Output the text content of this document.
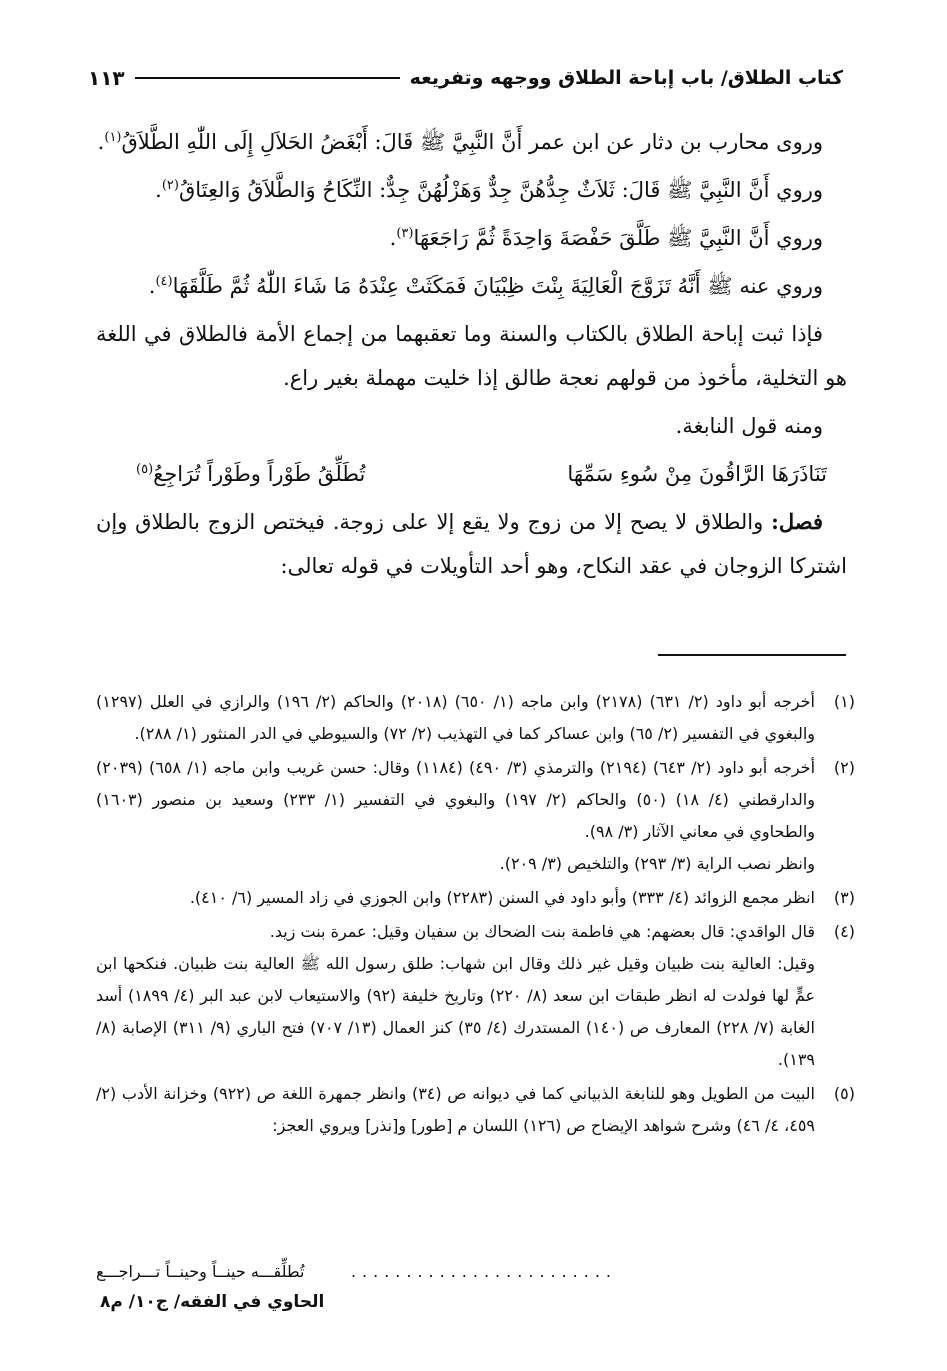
كتاب الطلاق/ باب إباحة الطلاق ووجهه وتفريعه
١١٣

وروى محارب بن دثار عن ابن عمر أَنَّ النَّبِيَّ ﷺ قَالَ: أَبْغَضُ الحَلاَلِ إِلَى اللّٰهِ الطَّلاَقُ$^{(١)}$.

وروي أَنَّ النَّبِيَّ ﷺ قَالَ: ثَلاَثٌ جِدُّهُنَّ جِدٌّ وَهَزْلُهُنَّ جِدٌّ: النِّكَاحُ وَالطَّلاَقُ وَالعِتَاقُ$^{(٢)}$.

وروي أَنَّ النَّبِيَّ ﷺ طَلَّقَ حَفْصَةَ وَاحِدَةً ثُمَّ رَاجَعَهَا$^{(٣)}$.

وروي عنه ﷺ أَنَّهُ تَزَوَّجَ الْعَالِيَةَ بِنْتَ ظِبْيَانَ فَمَكَثَتْ عِنْدَهُ مَا شَاءَ اللّٰهُ ثُمَّ طَلَّقَهَا$^{(٤)}$.

فإذا ثبت إباحة الطلاق بالكتاب والسنة وما تعقبهما من إجماع الأمة فالطلاق في اللغة هو التخلية، مأخوذ من قولهم نعجة طالق إذا خليت مهملة بغير راع.

ومنه قول النابغة.

تَنَاذَرَهَا الرَّاقُونَ مِنْ سُوءِ سَمِّهَا
تُطَلِّقُ طَوْراً وطَوْراً تُرَاجِعُ$^{(٥)}$

فصل: والطلاق لا يصح إلا من زوج ولا يقع إلا على زوجة. فيختص الزوج بالطلاق وإن اشتركا الزوجان في عقد النكاح، وهو أحد التأويلات في قوله تعالى:

(١)

أخرجه أبو داود (٢/ ٦٣١) (٢١٧٨) وابن ماجه (١/ ٦٥٠) (٢٠١٨) والحاكم (٢/ ١٩٦) والرازي في العلل (١٢٩٧) والبغوي في التفسير (٢/ ٦٥) وابن عساكر كما في التهذيب (٢/ ٧٢) والسيوطي في الدر المنثور (١/ ٢٨٨).

(٢)

أخرجه أبو داود (٢/ ٦٤٣) (٢١٩٤) والترمذي (٣/ ٤٩٠) (١١٨٤) وقال: حسن غريب وابن ماجه (١/ ٦٥٨) (٢٠٣٩) والدارقطني (٤/ ١٨) (٥٠) والحاكم (٢/ ١٩٧) والبغوي في التفسير (١/ ٢٣٣) وسعيد بن منصور (١٦٠٣) والطحاوي في معاني الآثار (٣/ ٩٨).

وانظر نصب الراية (٣/ ٢٩٣) والتلخيص (٣/ ٢٠٩).

(٣)

انظر مجمع الزوائد (٤/ ٣٣٣) وأبو داود في السنن (٢٢٨٣) وابن الجوزي في زاد المسير (٦/ ٤١٠).

(٤)

قال الواقدي: قال بعضهم: هي فاطمة بنت الضحاك بن سفيان وقيل: عمرة بنت زيد.

وقيل: العالية بنت ظبيان وقيل غير ذلك وقال ابن شهاب: طلق رسول الله ﷺ العالية بنت ظبيان. فنكحها ابن عمٍّ لها فولدت له انظر طبقات ابن سعد (٨/ ٢٢٠) وتاريخ خليفة (٩٢) والاستيعاب لابن عبد البر (٤/ ١٨٩٩) أسد الغابة (٧/ ٢٢٨) المعارف ص (١٤٠) المستدرك (٤/ ٣٥) كنز العمال (١٣/ ٧٠٧) فتح الباري (٩/ ٣١١) الإصابة (٨/ ١٣٩).

(٥)

البيت من الطويل وهو للنابغة الذبياني كما في ديوانه ص (٣٤) وانظر جمهرة اللغة ص (٩٢٢) وخزانة الأدب (٢/ ٤٥٩، ٤/ ٤٦) وشرح شواهد الإيضاح ص (١٢٦) اللسان م [طور] و[نذر] ويروي العجز:

........................
تُطلِّقـــه حينــاً وحينــاً تـــراجـــع
الحاوي في الفقه/ ج١٠/ م٨
